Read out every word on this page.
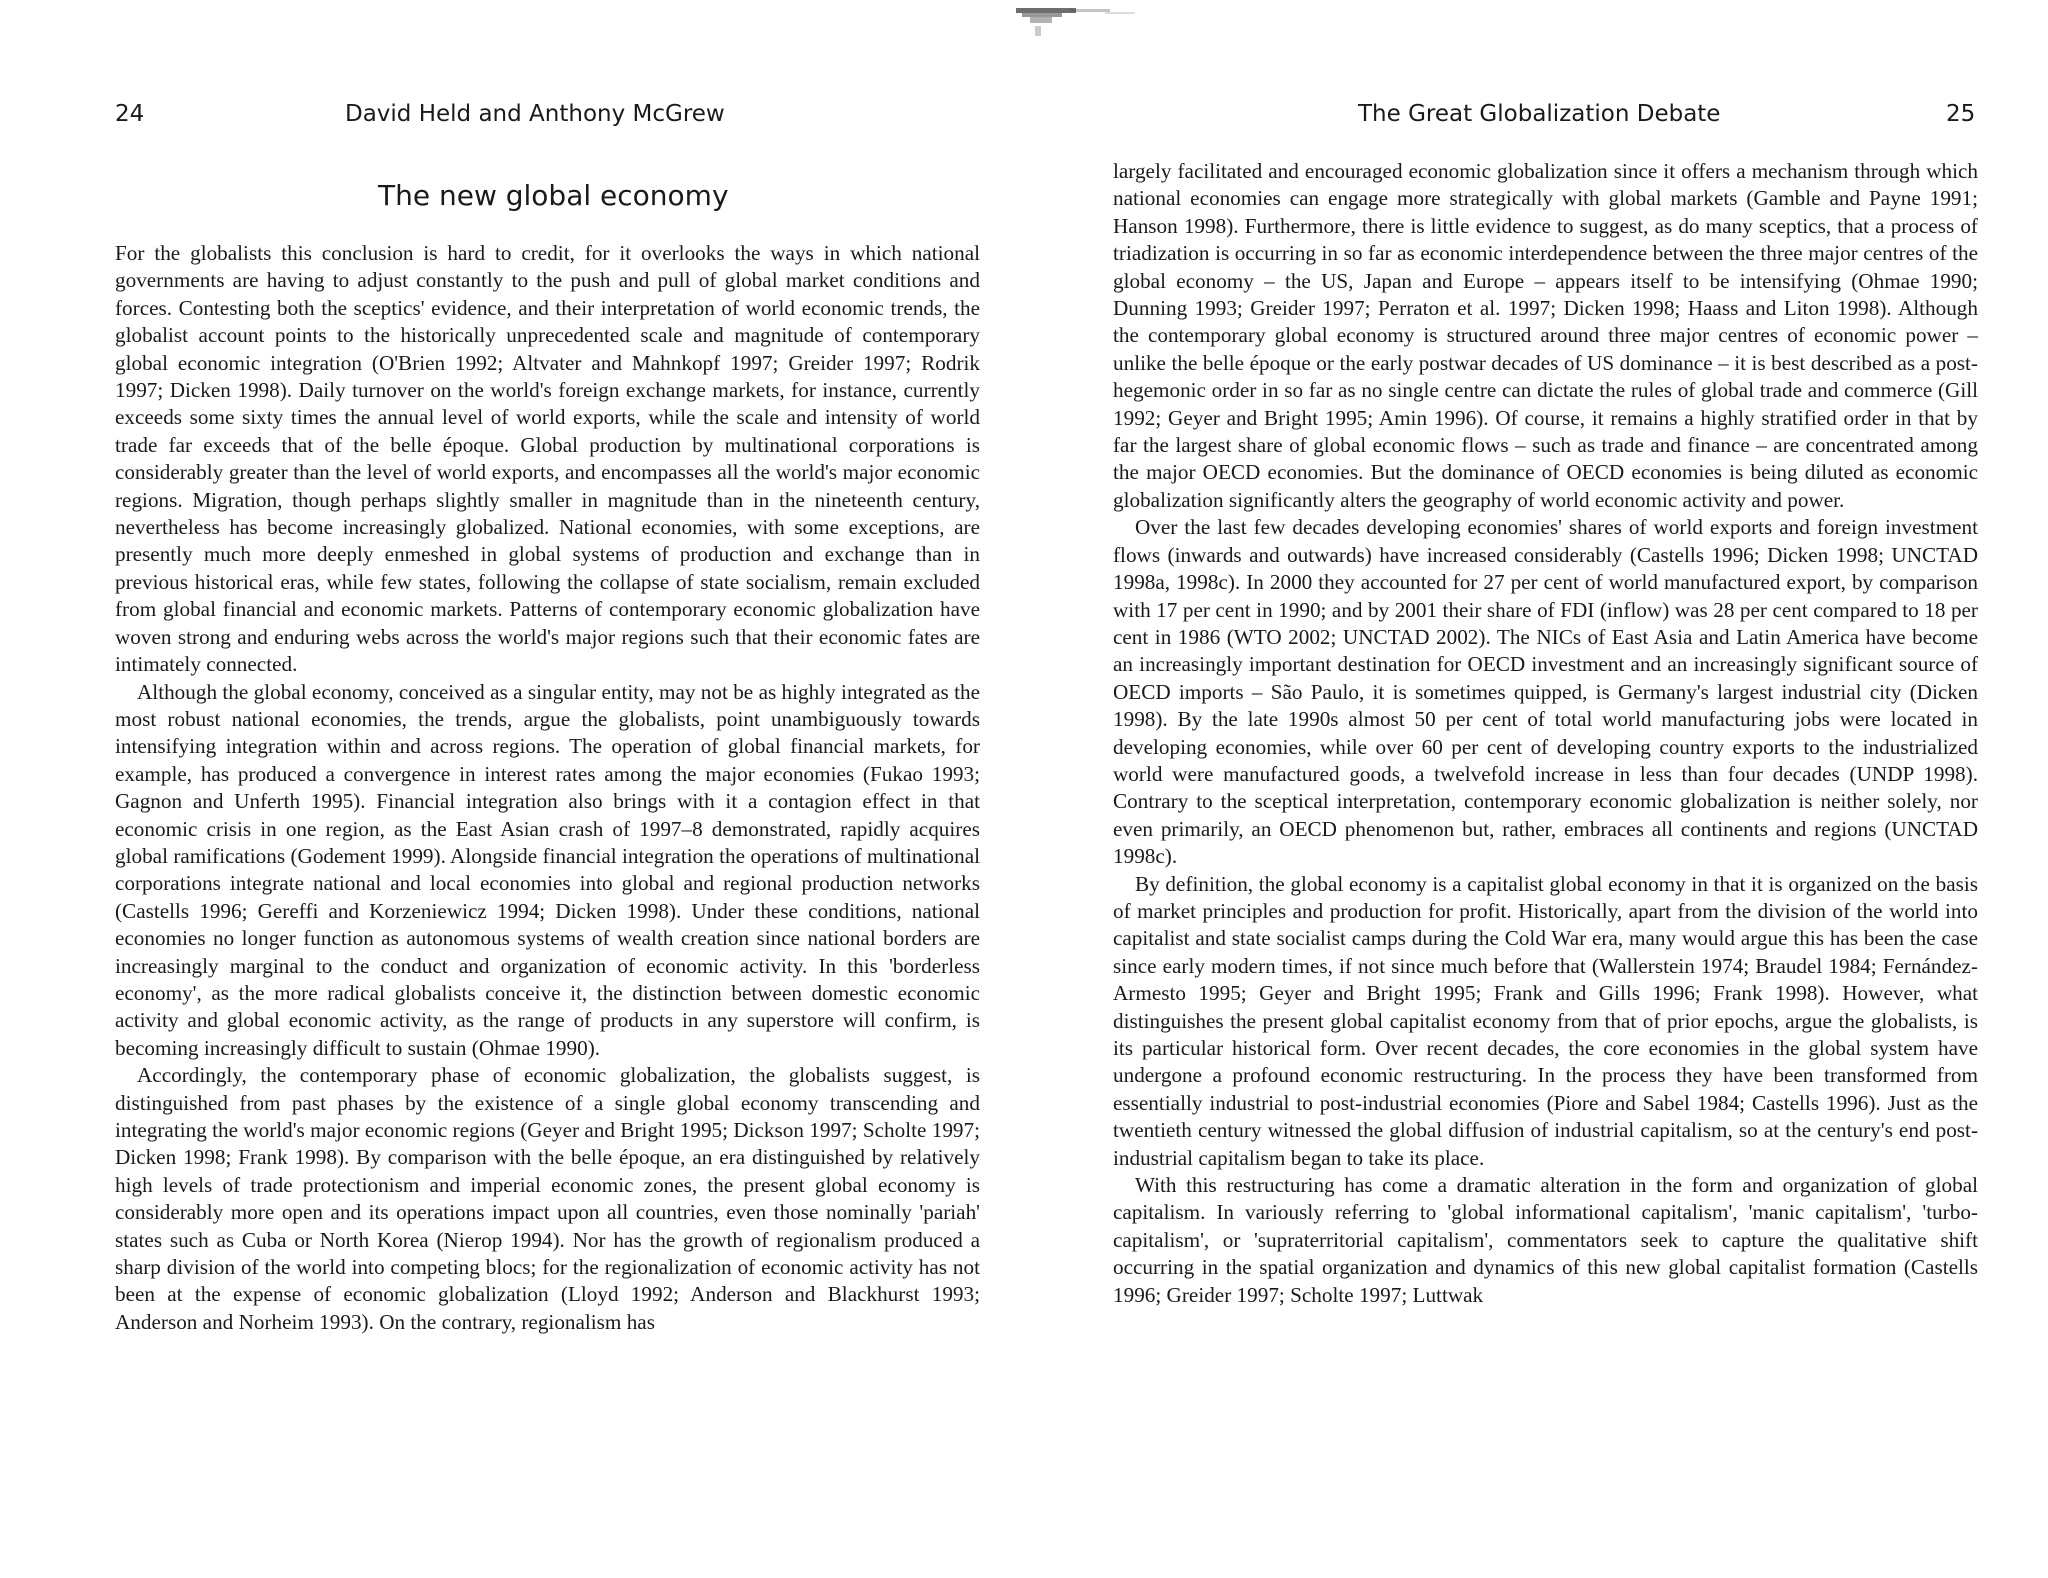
24	David Held and Anthony McGrew
The new global economy

For the globalists this conclusion is hard to credit, for it overlooks the ways in which national governments are having to adjust constantly to the push and pull of global market conditions and forces. Contesting both the sceptics' evidence, and their interpretation of world economic trends, the globalist account points to the historically unprecedented scale and magnitude of contemporary global economic integration (O'Brien 1992; Altvater and Mahnkopf 1997; Greider 1997; Rodrik 1997; Dicken 1998). Daily turnover on the world's foreign exchange markets, for instance, currently exceeds some sixty times the annual level of world exports, while the scale and intensity of world trade far exceeds that of the belle époque. Global production by multinational corporations is considerably greater than the level of world exports, and encompasses all the world's major economic regions. Migration, though perhaps slightly smaller in magnitude than in the nineteenth century, nevertheless has become increasingly globalized. National economies, with some exceptions, are presently much more deeply enmeshed in global systems of production and exchange than in previous historical eras, while few states, following the collapse of state socialism, remain excluded from global financial and economic markets. Patterns of contemporary economic globalization have woven strong and enduring webs across the world's major regions such that their economic fates are intimately connected.

Although the global economy, conceived as a singular entity, may not be as highly integrated as the most robust national economies, the trends, argue the globalists, point unambiguously towards intensifying integration within and across regions. The operation of global financial markets, for example, has produced a convergence in interest rates among the major economies (Fukao 1993; Gagnon and Unferth 1995). Financial integration also brings with it a contagion effect in that economic crisis in one region, as the East Asian crash of 1997–8 demonstrated, rapidly acquires global ramifications (Godement 1999). Alongside financial integration the operations of multinational corporations integrate national and local economies into global and regional production networks (Castells 1996; Gereffi and Korzeniewicz 1994; Dicken 1998). Under these conditions, national economies no longer function as autonomous systems of wealth creation since national borders are increasingly marginal to the conduct and organization of economic activity. In this 'borderless economy', as the more radical globalists conceive it, the distinction between domestic economic activity and global economic activity, as the range of products in any superstore will confirm, is becoming increasingly difficult to sustain (Ohmae 1990).

Accordingly, the contemporary phase of economic globalization, the globalists suggest, is distinguished from past phases by the existence of a single global economy transcending and integrating the world's major economic regions (Geyer and Bright 1995; Dickson 1997; Scholte 1997; Dicken 1998; Frank 1998). By comparison with the belle époque, an era distinguished by relatively high levels of trade protectionism and imperial economic zones, the present global economy is considerably more open and its operations impact upon all countries, even those nominally 'pariah' states such as Cuba or North Korea (Nierop 1994). Nor has the growth of regionalism produced a sharp division of the world into competing blocs; for the regionalization of economic activity has not been at the expense of economic globalization (Lloyd 1992; Anderson and Blackhurst 1993; Anderson and Norheim 1993). On the contrary, regionalism has

The Great Globalization Debate	25

largely facilitated and encouraged economic globalization since it offers a mechanism through which national economies can engage more strategically with global markets (Gamble and Payne 1991; Hanson 1998). Furthermore, there is little evidence to suggest, as do many sceptics, that a process of triadization is occurring in so far as economic interdependence between the three major centres of the global economy – the US, Japan and Europe – appears itself to be intensifying (Ohmae 1990; Dunning 1993; Greider 1997; Perraton et al. 1997; Dicken 1998; Haass and Liton 1998). Although the contemporary global economy is structured around three major centres of economic power – unlike the belle époque or the early postwar decades of US dominance – it is best described as a post-hegemonic order in so far as no single centre can dictate the rules of global trade and commerce (Gill 1992; Geyer and Bright 1995; Amin 1996). Of course, it remains a highly stratified order in that by far the largest share of global economic flows – such as trade and finance – are concentrated among the major OECD economies. But the dominance of OECD economies is being diluted as economic globalization significantly alters the geography of world economic activity and power.

Over the last few decades developing economies' shares of world exports and foreign investment flows (inwards and outwards) have increased considerably (Castells 1996; Dicken 1998; UNCTAD 1998a, 1998c). In 2000 they accounted for 27 per cent of world manufactured export, by comparison with 17 per cent in 1990; and by 2001 their share of FDI (inflow) was 28 per cent compared to 18 per cent in 1986 (WTO 2002; UNCTAD 2002). The NICs of East Asia and Latin America have become an increasingly important destination for OECD investment and an increasingly significant source of OECD imports – São Paulo, it is sometimes quipped, is Germany's largest industrial city (Dicken 1998). By the late 1990s almost 50 per cent of total world manufacturing jobs were located in developing economies, while over 60 per cent of developing country exports to the industrialized world were manufactured goods, a twelvefold increase in less than four decades (UNDP 1998). Contrary to the sceptical interpretation, contemporary economic globalization is neither solely, nor even primarily, an OECD phenomenon but, rather, embraces all continents and regions (UNCTAD 1998c).

By definition, the global economy is a capitalist global economy in that it is organized on the basis of market principles and production for profit. Historically, apart from the division of the world into capitalist and state socialist camps during the Cold War era, many would argue this has been the case since early modern times, if not since much before that (Wallerstein 1974; Braudel 1984; Fernández-Armesto 1995; Geyer and Bright 1995; Frank and Gills 1996; Frank 1998). However, what distinguishes the present global capitalist economy from that of prior epochs, argue the globalists, is its particular historical form. Over recent decades, the core economies in the global system have undergone a profound economic restructuring. In the process they have been transformed from essentially industrial to post-industrial economies (Piore and Sabel 1984; Castells 1996). Just as the twentieth century witnessed the global diffusion of industrial capitalism, so at the century's end post-industrial capitalism began to take its place.

With this restructuring has come a dramatic alteration in the form and organization of global capitalism. In variously referring to 'global informational capitalism', 'manic capitalism', 'turbo-capitalism', or 'supraterritorial capitalism', commentators seek to capture the qualitative shift occurring in the spatial organization and dynamics of this new global capitalist formation (Castells 1996; Greider 1997; Scholte 1997; Luttwak
